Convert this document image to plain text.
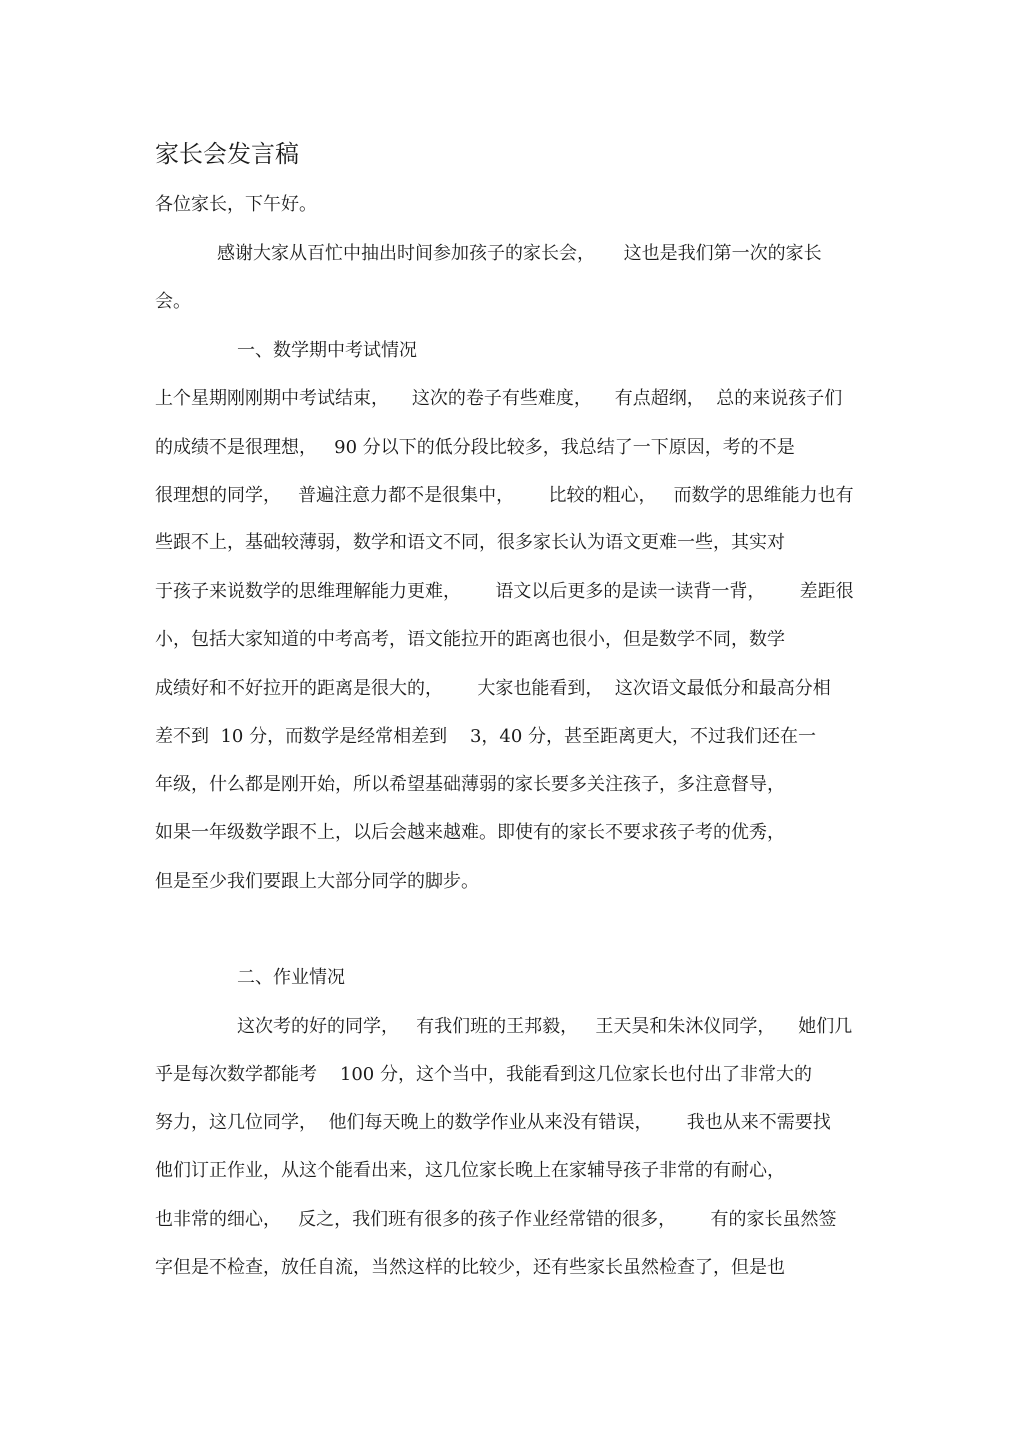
家长会发言稿
各位家长，下午好。
感谢大家从百忙中抽出时间参加孩子的家长会，     这也是我们第一次的家长
会。
一、数学期中考试情况
上个星期刚刚期中考试结束，    这次的卷子有些难度，    有点超纲，  总的来说孩子们
的成绩不是很理想，   90 分以下的低分段比较多，我总结了一下原因，考的不是
很理想的同学，   普遍注意力都不是很集中，      比较的粗心，   而数学的思维能力也有
些跟不上，基础较薄弱，数学和语文不同，很多家长认为语文更难一些，其实对
于孩子来说数学的思维理解能力更难，      语文以后更多的是读一读背一背，      差距很
小，包括大家知道的中考高考，语文能拉开的距离也很小，但是数学不同，数学
成绩好和不好拉开的距离是很大的，      大家也能看到，  这次语文最低分和最高分相
差不到  10 分，而数学是经常相差到    3，40 分，甚至距离更大，不过我们还在一
年级，什么都是刚开始，所以希望基础薄弱的家长要多关注孩子，多注意督导，
如果一年级数学跟不上，以后会越来越难。即使有的家长不要求孩子考的优秀，
但是至少我们要跟上大部分同学的脚步。
二、作业情况
这次考的好的同学，   有我们班的王邦毅，   王天昊和朱沐仪同学，    她们几
乎是每次数学都能考    100 分，这个当中，我能看到这几位家长也付出了非常大的
努力，这几位同学，  他们每天晚上的数学作业从来没有错误，      我也从来不需要找
他们订正作业，从这个能看出来，这几位家长晚上在家辅导孩子非常的有耐心，
也非常的细心，   反之，我们班有很多的孩子作业经常错的很多，      有的家长虽然签
字但是不检查，放任自流，当然这样的比较少，还有些家长虽然检查了，但是也
